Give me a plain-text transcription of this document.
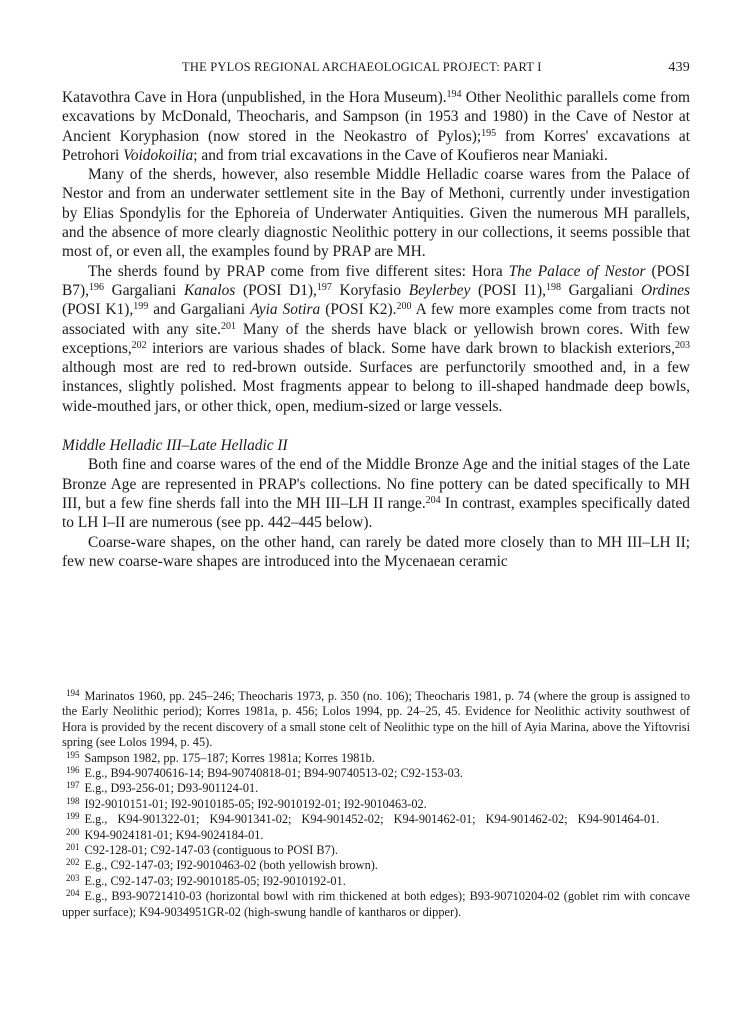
THE PYLOS REGIONAL ARCHAEOLOGICAL PROJECT: PART I	439

Katavothra Cave in Hora (unpublished, in the Hora Museum).$^{194}$ Other Neolithic parallels come from excavations by McDonald, Theocharis, and Sampson (in 1953 and 1980) in the Cave of Nestor at Ancient Koryphasion (now stored in the Neokastro of Pylos);$^{195}$ from Korres' excavations at Petrohori Voidokoilia; and from trial excavations in the Cave of Koufieros near Maniaki.

Many of the sherds, however, also resemble Middle Helladic coarse wares from the Palace of Nestor and from an underwater settlement site in the Bay of Methoni, currently under investigation by Elias Spondylis for the Ephoreia of Underwater Antiquities. Given the numerous MH parallels, and the absence of more clearly diagnostic Neolithic pottery in our collections, it seems possible that most of, or even all, the examples found by PRAP are MH.

The sherds found by PRAP come from five different sites: Hora The Palace of Nestor (POSI B7),$^{196}$ Gargaliani Kanalos (POSI D1),$^{197}$ Koryfasio Beylerbey (POSI I1),$^{198}$ Gargaliani Ordines (POSI K1),$^{199}$ and Gargaliani Ayia Sotira (POSI K2).$^{200}$ A few more examples come from tracts not associated with any site.$^{201}$ Many of the sherds have black or yellowish brown cores. With few exceptions,$^{202}$ interiors are various shades of black. Some have dark brown to blackish exteriors,$^{203}$ although most are red to red-brown outside. Surfaces are perfunctorily smoothed and, in a few instances, slightly polished. Most fragments appear to belong to ill-shaped handmade deep bowls, wide-mouthed jars, or other thick, open, medium-sized or large vessels.

Middle Helladic III–Late Helladic II

Both fine and coarse wares of the end of the Middle Bronze Age and the initial stages of the Late Bronze Age are represented in PRAP's collections. No fine pottery can be dated specifically to MH III, but a few fine sherds fall into the MH III–LH II range.$^{204}$ In contrast, examples specifically dated to LH I–II are numerous (see pp. 442–445 below).

Coarse-ware shapes, on the other hand, can rarely be dated more closely than to MH III–LH II; few new coarse-ware shapes are introduced into the Mycenaean ceramic

$^{194}$ Marinatos 1960, pp. 245–246; Theocharis 1973, p. 350 (no. 106); Theocharis 1981, p. 74 (where the group is assigned to the Early Neolithic period); Korres 1981a, p. 456; Lolos 1994, pp. 24–25, 45. Evidence for Neolithic activity southwest of Hora is provided by the recent discovery of a small stone celt of Neolithic type on the hill of Ayia Marina, above the Yiftovrisi spring (see Lolos 1994, p. 45).

$^{195}$ Sampson 1982, pp. 175–187; Korres 1981a; Korres 1981b.

$^{196}$ E.g., B94-90740616-14; B94-90740818-01; B94-90740513-02; C92-153-03.

$^{197}$ E.g., D93-256-01; D93-901124-01.

$^{198}$ I92-9010151-01; I92-9010185-05; I92-9010192-01; I92-9010463-02.

$^{199}$ E.g., K94-901322-01; K94-901341-02; K94-901452-02; K94-901462-01; K94-901462-02; K94-901464-01.

$^{200}$ K94-9024181-01; K94-9024184-01.

$^{201}$ C92-128-01; C92-147-03 (contiguous to POSI B7).

$^{202}$ E.g., C92-147-03; I92-9010463-02 (both yellowish brown).

$^{203}$ E.g., C92-147-03; I92-9010185-05; I92-9010192-01.

$^{204}$ E.g., B93-90721410-03 (horizontal bowl with rim thickened at both edges); B93-90710204-02 (goblet rim with concave upper surface); K94-9034951GR-02 (high-swung handle of kantharos or dipper).
